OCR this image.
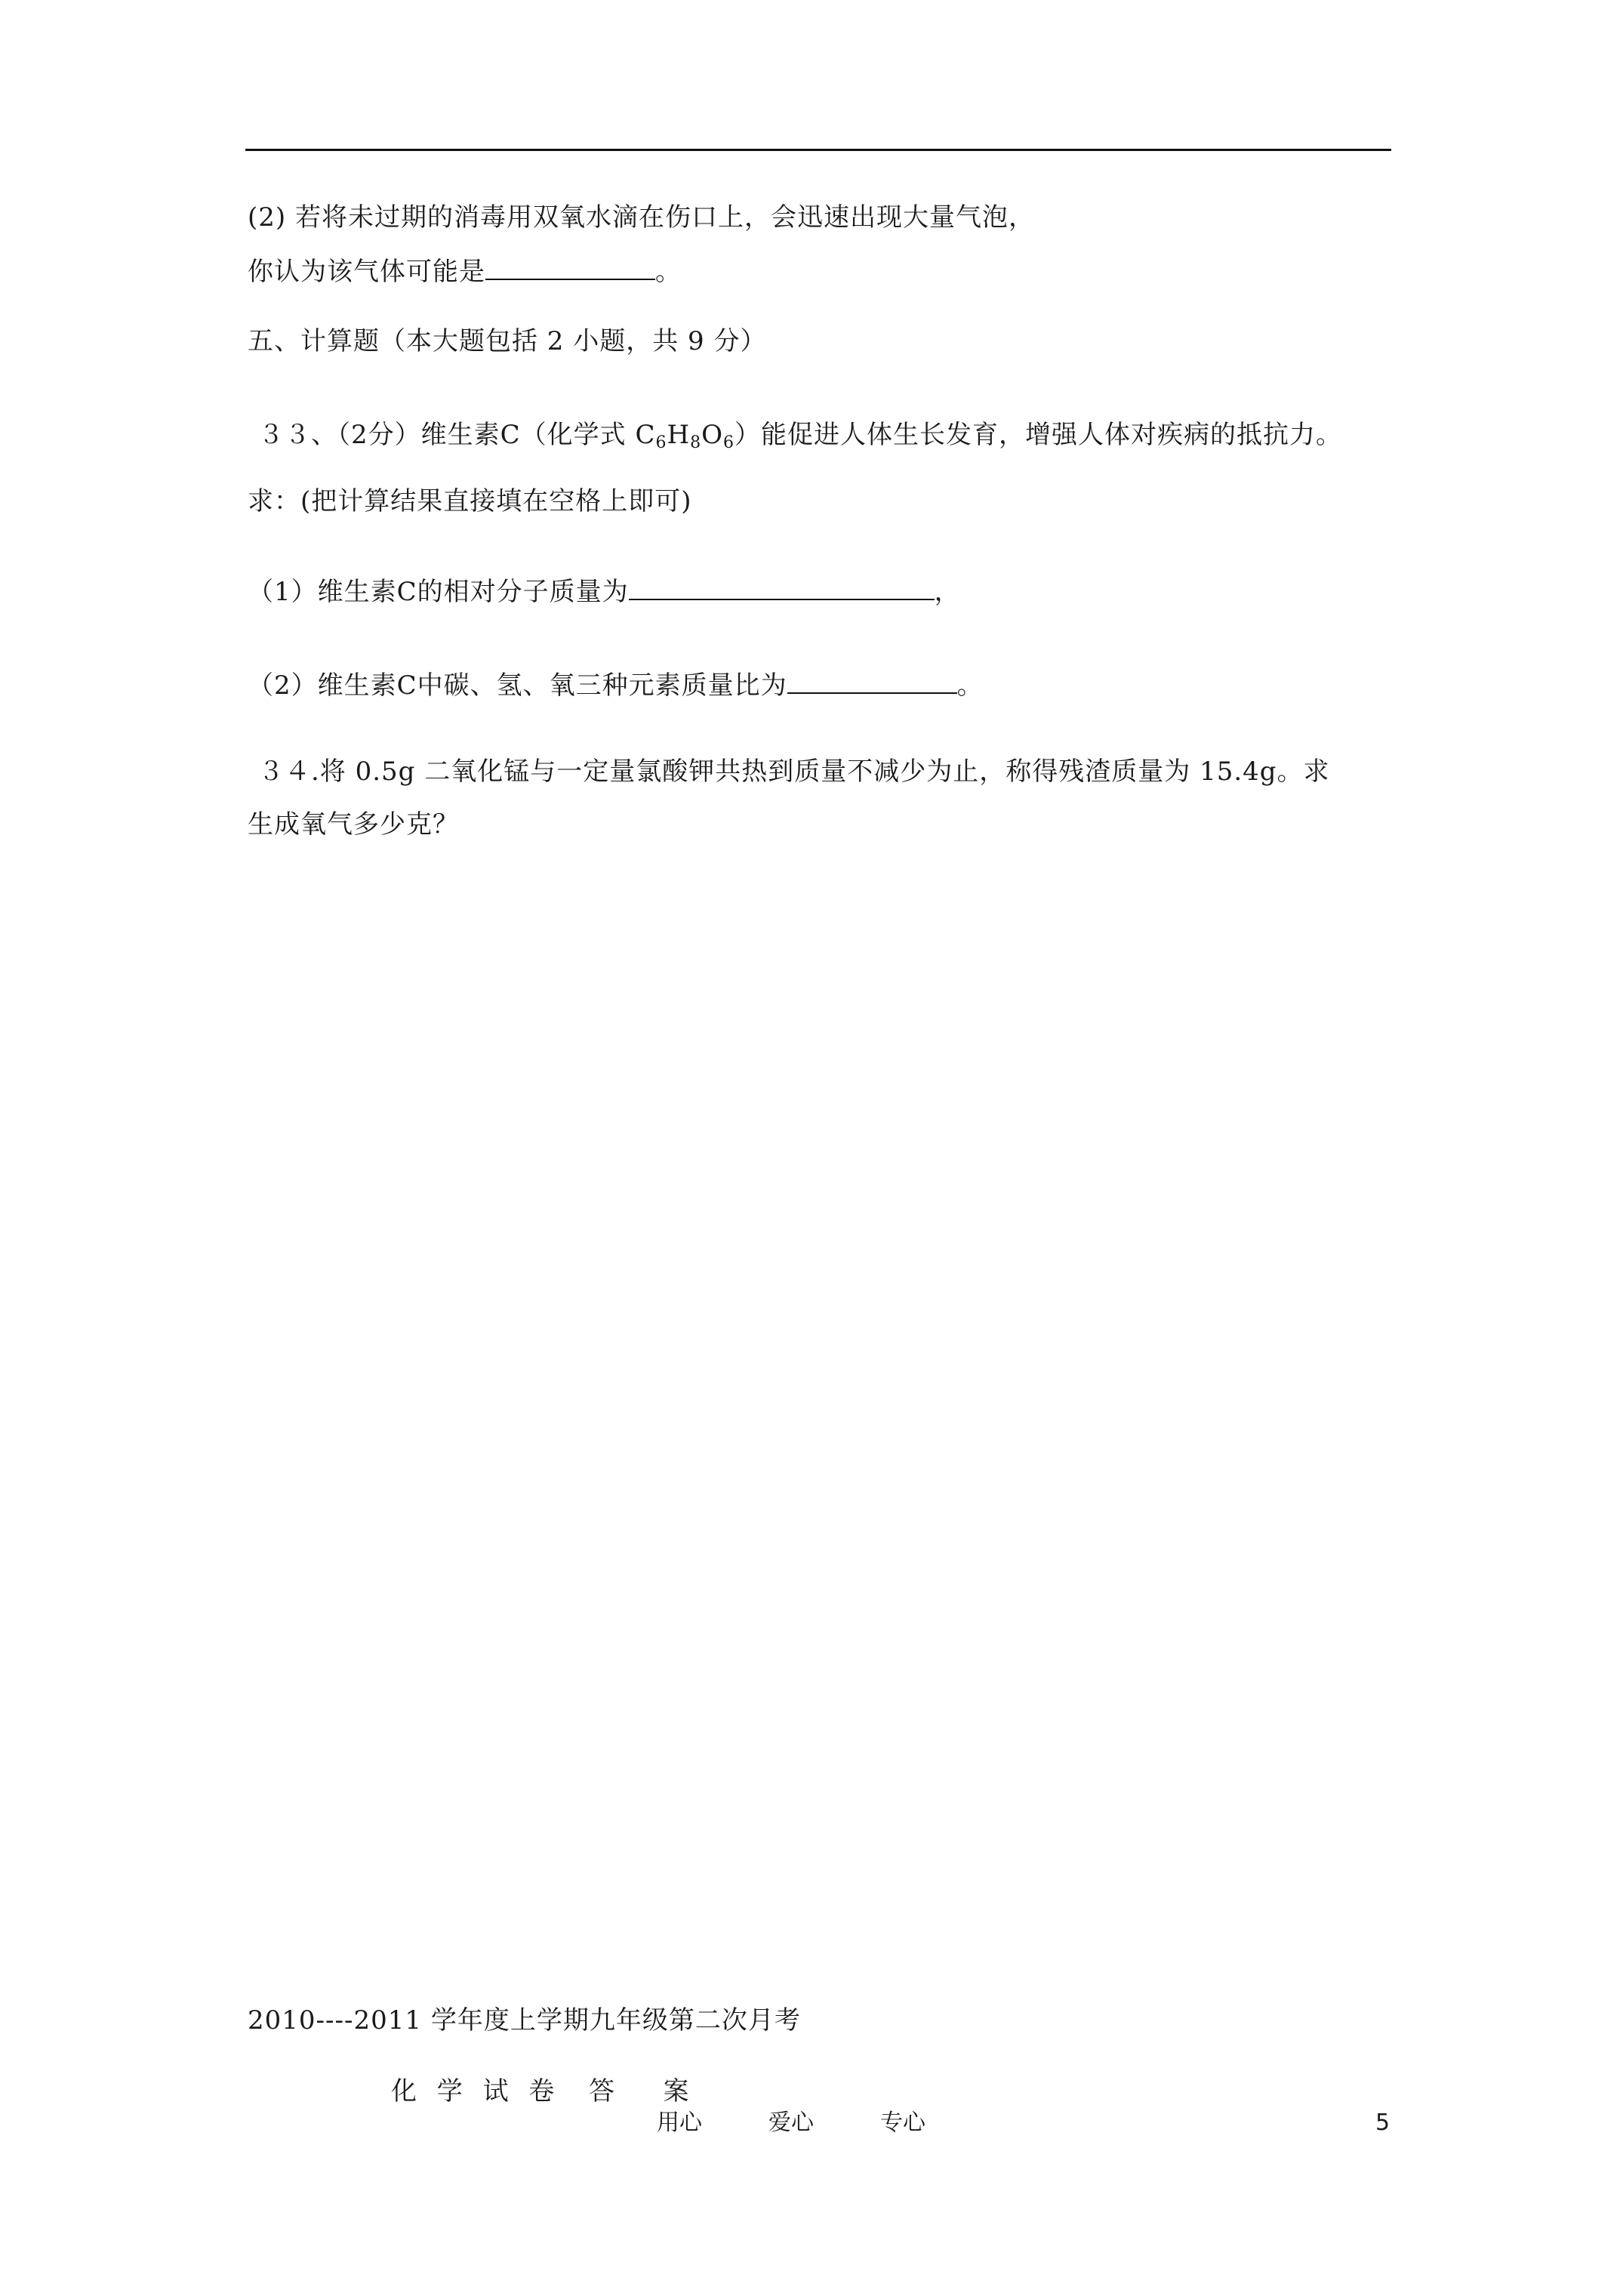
(2) 若将未过期的消毒用双氧水滴在伤口上，会迅速出现大量气泡，
你认为该气体可能是	。
五、计算题（本大题包括 2 小题，共 9 分）
３３、（2分）维生素C（化学式 $C_6H_8O_6$）能促进人体生长发育，增强人体对疾病的抵抗力。
求：(把计算结果直接填在空格上即可)
（1）维生素C的相对分子质量为	，
（2）维生素C中碳、氢、氧三种元素质量比为	。
３４.将 0.5g 二氧化锰与一定量氯酸钾共热到质量不减少为止，称得残渣质量为 15.4g。求
生成氧气多少克？
2010----2011 学年度上学期九年级第二次月考
化 学 试 卷  答   案
用心	爱心	专心	5
